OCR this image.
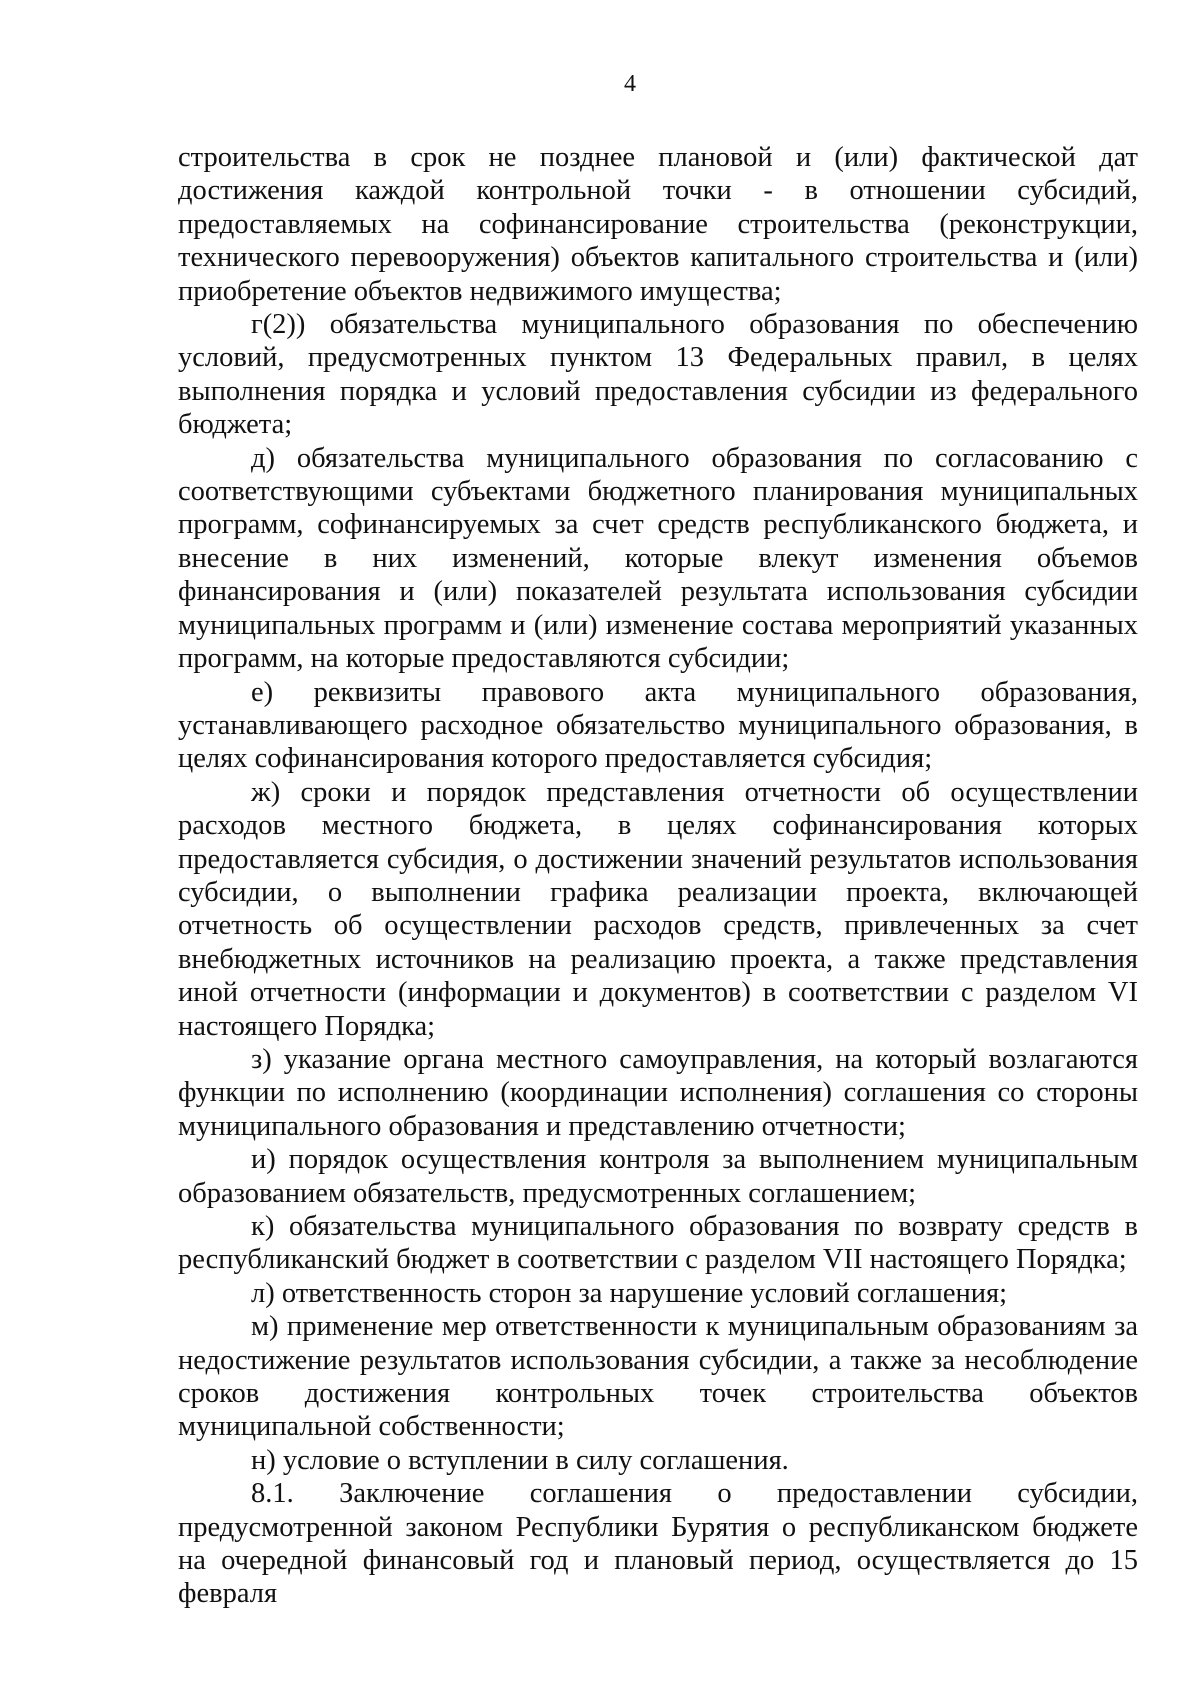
4

строительства в срок не позднее плановой и (или) фактической дат достижения каждой контрольной точки - в отношении субсидий, предоставляемых на софинансирование строительства (реконструкции, технического перевооружения) объектов капитального строительства и (или) приобретение объектов недвижимого имущества;

г(2)) обязательства муниципального образования по обеспечению условий, предусмотренных пунктом 13 Федеральных правил, в целях выполнения порядка и условий предоставления субсидии из федерального бюджета;

д) обязательства муниципального образования по согласованию с соответствующими субъектами бюджетного планирования муниципальных программ, софинансируемых за счет средств республиканского бюджета, и внесение в них изменений, которые влекут изменения объемов финансирования и (или) показателей результата использования субсидии муниципальных программ и (или) изменение состава мероприятий указанных программ, на которые предоставляются субсидии;

е) реквизиты правового акта муниципального образования, устанавливающего расходное обязательство муниципального образования, в целях софинансирования которого предоставляется субсидия;

ж) сроки и порядок представления отчетности об осуществлении расходов местного бюджета, в целях софинансирования которых предоставляется субсидия, о достижении значений результатов использования субсидии, о выполнении графика реализации проекта, включающей отчетность об осуществлении расходов средств, привлеченных за счет внебюджетных источников на реализацию проекта, а также представления иной отчетности (информации и документов) в соответствии с разделом VI настоящего Порядка;

з) указание органа местного самоуправления, на который возлагаются функции по исполнению (координации исполнения) соглашения со стороны муниципального образования и представлению отчетности;

и) порядок осуществления контроля за выполнением муниципальным образованием обязательств, предусмотренных соглашением;

к) обязательства муниципального образования по возврату средств в республиканский бюджет в соответствии с разделом VII настоящего Порядка;

л) ответственность сторон за нарушение условий соглашения;

м) применение мер ответственности к муниципальным образованиям за недостижение результатов использования субсидии, а также за несоблюдение сроков достижения контрольных точек строительства объектов муниципальной собственности;

н) условие о вступлении в силу соглашения.

8.1. Заключение соглашения о предоставлении субсидии, предусмотренной законом Республики Бурятия о республиканском бюджете на очередной финансовый год и плановый период, осуществляется до 15 февраля
